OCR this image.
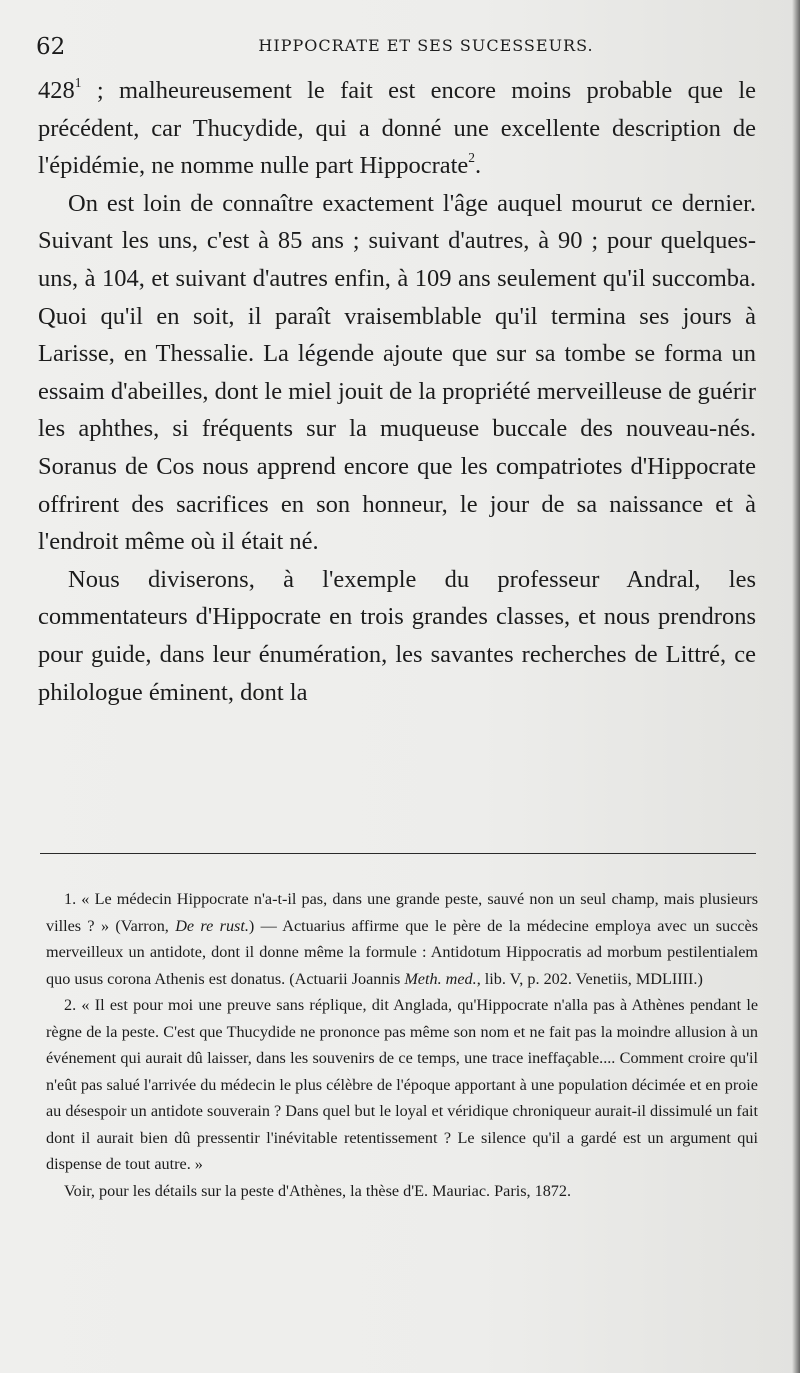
62	HIPPOCRATE ET SES SUCESSEURS.

$428^1$ ; malheureusement le fait est encore moins probable que le précédent, car Thucydide, qui a donné une excellente description de l'épidémie, ne nomme nulle part Hippocrate$^2$.

On est loin de connaître exactement l'âge auquel mourut ce dernier. Suivant les uns, c'est à 85 ans ; suivant d'autres, à 90 ; pour quelques-uns, à 104, et suivant d'autres enfin, à 109 ans seulement qu'il succomba. Quoi qu'il en soit, il paraît vraisemblable qu'il termina ses jours à Larisse, en Thessalie. La légende ajoute que sur sa tombe se forma un essaim d'abeilles, dont le miel jouit de la propriété merveilleuse de guérir les aphthes, si fréquents sur la muqueuse buccale des nouveau-nés. Soranus de Cos nous apprend encore que les compatriotes d'Hippocrate offrirent des sacrifices en son honneur, le jour de sa naissance et à l'endroit même où il était né.

Nous diviserons, à l'exemple du professeur Andral, les commentateurs d'Hippocrate en trois grandes classes, et nous prendrons pour guide, dans leur énumération, les savantes recherches de Littré, ce philologue éminent, dont la

1. « Le médecin Hippocrate n'a-t-il pas, dans une grande peste, sauvé non un seul champ, mais plusieurs villes ? » (Varron, De re rust.) — Actuarius affirme que le père de la médecine employa avec un succès merveilleux un antidote, dont il donne même la formule : Antidotum Hippocratis ad morbum pestilentialem quo usus corona Athenis est donatus. (Actuarii Joannis Meth. med., lib. V, p. 202. Venetiis, MDLIIII.)

2. « Il est pour moi une preuve sans réplique, dit Anglada, qu'Hippocrate n'alla pas à Athènes pendant le règne de la peste. C'est que Thucydide ne prononce pas même son nom et ne fait pas la moindre allusion à un événement qui aurait dû laisser, dans les souvenirs de ce temps, une trace ineffaçable.... Comment croire qu'il n'eût pas salué l'arrivée du médecin le plus célèbre de l'époque apportant à une population décimée et en proie au désespoir un antidote souverain ? Dans quel but le loyal et véridique chroniqueur aurait-il dissimulé un fait dont il aurait bien dû pressentir l'inévitable retentissement ? Le silence qu'il a gardé est un argument qui dispense de tout autre. »

Voir, pour les détails sur la peste d'Athènes, la thèse d'E. Mauriac. Paris, 1872.
